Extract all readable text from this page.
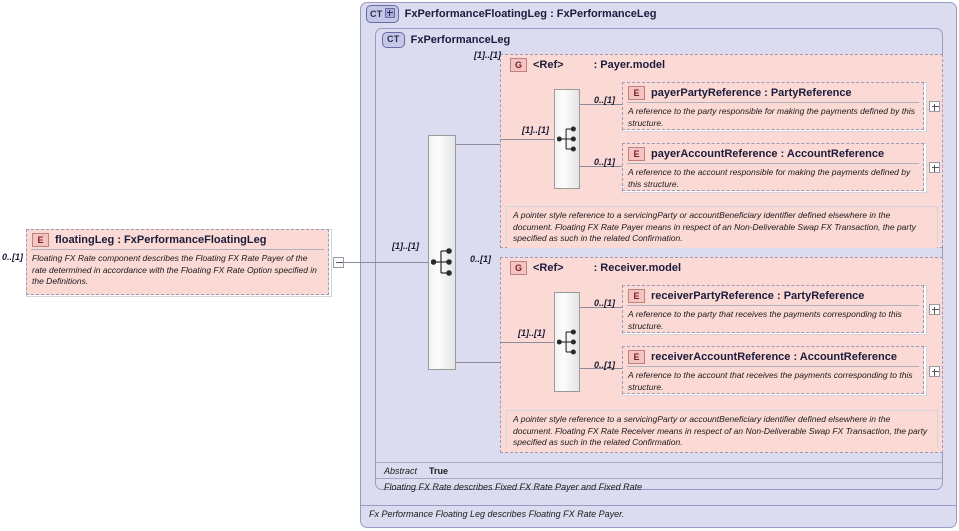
CT	FxPerformanceFloatingLeg : FxPerformanceLeg
Fx Performance Floating Leg describes Floating FX Rate Payer.
CT	FxPerformanceLeg
Abstract True
Floating FX Rate describes Fixed FX Rate Payer and Fixed Rate
E	floatingLeg : FxPerformanceFloatingLeg
Floating FX Rate component describes the Floating FX Rate Payer of the rate determined in accordance with the Floating FX Rate Option specified in the Definitions.
0..[1]
[1]..[1]
G	<Ref>	: Payer.model
[1]..[1]
[1]..[1]
E	payerPartyReference : PartyReference
A reference to the party responsible for making the payments defined by this structure.
0..[1]
E	payerAccountReference : AccountReference
A reference to the account responsible for making the payments defined by this structure.
0..[1]
A pointer style reference to a servicingParty or accountBeneficiary identifier defined elsewhere in the document. Floating FX Rate Payer means in respect of an Non-Deliverable Swap FX Transaction, the party specified as such in the related Confirmation.
G	<Ref>	: Receiver.model
0..[1]
[1]..[1]
E	receiverPartyReference : PartyReference
A reference to the party that receives the payments corresponding to this structure.
0..[1]
E	receiverAccountReference : AccountReference
A reference to the account that receives the payments corresponding to this structure.
0..[1]
A pointer style reference to a servicingParty or accountBeneficiary identifier defined elsewhere in the document. Floating FX Rate Receiver means in respect of an Non-Deliverable Swap FX Transaction, the party specified as such in the related Confirmation.
